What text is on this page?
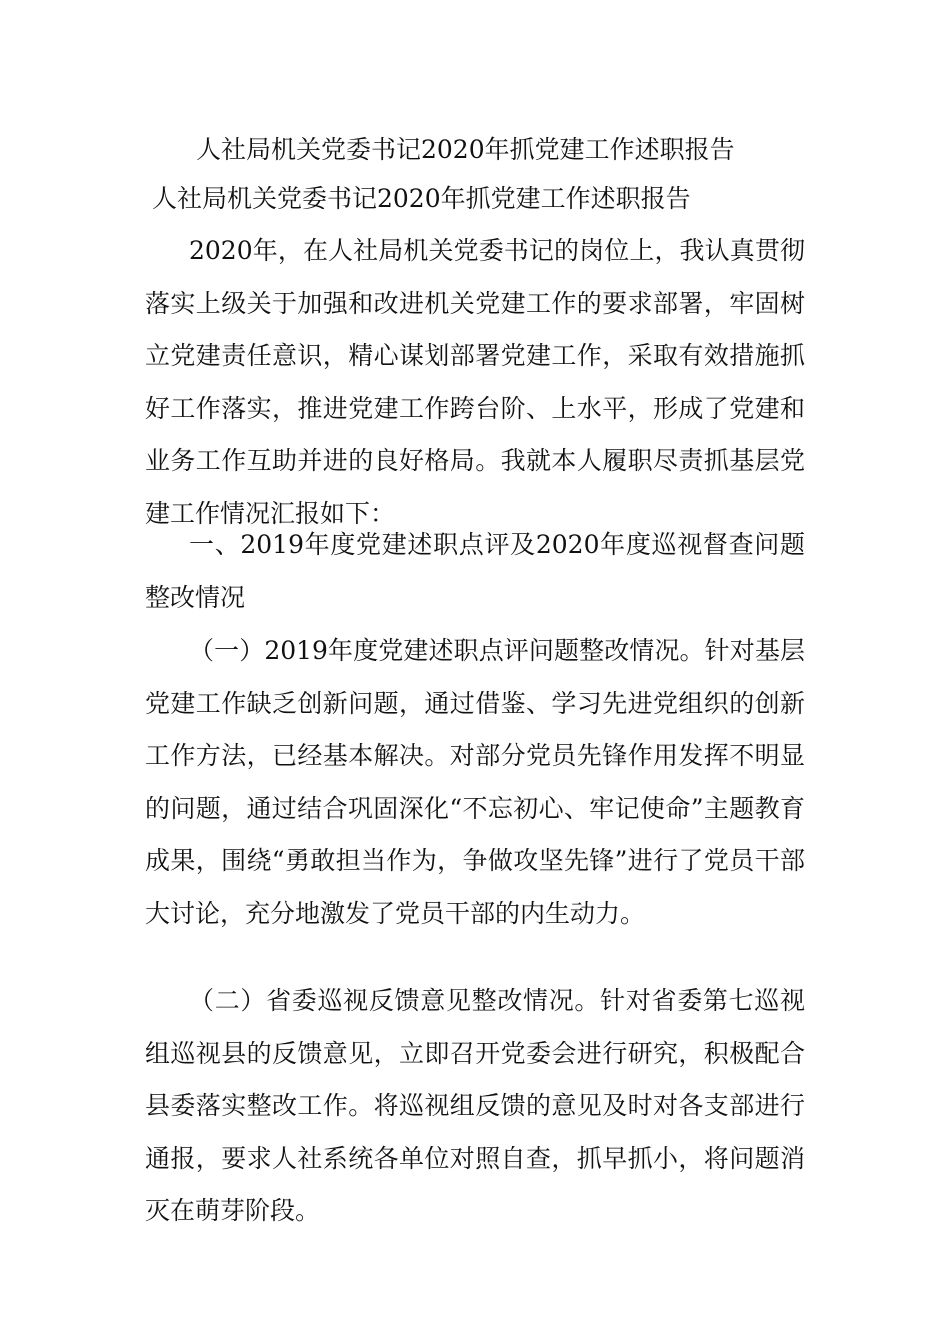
人社局机关党委书记2020年抓党建工作述职报告
人社局机关党委书记2020年抓党建工作述职报告

2020年，在人社局机关党委书记的岗位上，我认真贯彻落实上级关于加强和改进机关党建工作的要求部署，牢固树立党建责任意识，精心谋划部署党建工作，采取有效措施抓好工作落实，推进党建工作跨台阶、上水平，形成了党建和业务工作互助并进的良好格局。我就本人履职尽责抓基层党建工作情况汇报如下：

一、2019年度党建述职点评及2020年度巡视督查问题整改情况

（一）2019年度党建述职点评问题整改情况。针对基层党建工作缺乏创新问题，通过借鉴、学习先进党组织的创新工作方法，已经基本解决。对部分党员先锋作用发挥不明显的问题，通过结合巩固深化“不忘初心、牢记使命”主题教育成果，围绕“勇敢担当作为，争做攻坚先锋”进行了党员干部大讨论，充分地激发了党员干部的内生动力。

（二）省委巡视反馈意见整改情况。针对省委第七巡视组巡视县的反馈意见，立即召开党委会进行研究，积极配合县委落实整改工作。将巡视组反馈的意见及时对各支部进行通报，要求人社系统各单位对照自查，抓早抓小，将问题消灭在萌芽阶段。
